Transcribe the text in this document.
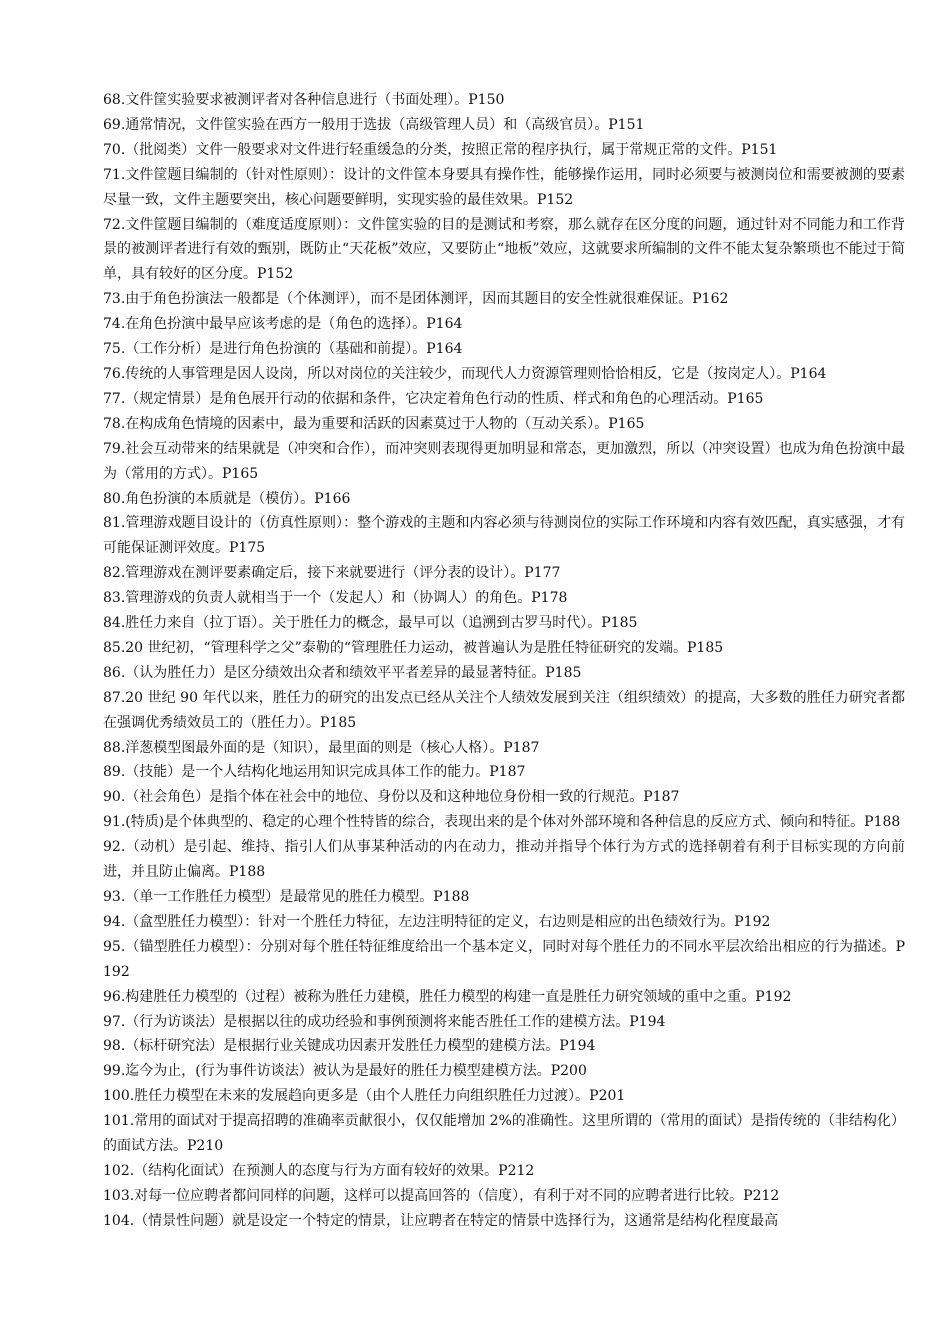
68.文件筐实验要求被测评者对各种信息进行（书面处理）。P150

69.通常情况，文件筐实验在西方一般用于选拔（高级管理人员）和（高级官员）。P151

70.（批阅类）文件一般要求对文件进行轻重缓急的分类，按照正常的程序执行，属于常规正常的文件。P151

71.文件筐题目编制的（针对性原则）：设计的文件筐本身要具有操作性，能够操作运用，同时必须要与被测岗位和需要被测的要素尽量一致，文件主题要突出，核心问题要鲜明，实现实验的最佳效果。P152

72.文件筐题目编制的（难度适度原则）：文件筐实验的目的是测试和考察，那么就存在区分度的问题，通过针对不同能力和工作背景的被测评者进行有效的甄别，既防止“天花板”效应，又要防止“地板”效应，这就要求所编制的文件不能太复杂繁琐也不能过于简单，具有较好的区分度。P152

73.由于角色扮演法一般都是（个体测评），而不是团体测评，因而其题目的安全性就很难保证。P162

74.在角色扮演中最早应该考虑的是（角色的选择）。P164

75.（工作分析）是进行角色扮演的（基础和前提）。P164

76.传统的人事管理是因人设岗，所以对岗位的关注较少，而现代人力资源管理则恰恰相反，它是（按岗定人）。P164

77.（规定情景）是角色展开行动的依据和条件，它决定着角色行动的性质、样式和角色的心理活动。P165

78.在构成角色情境的因素中，最为重要和活跃的因素莫过于人物的（互动关系）。P165

79.社会互动带来的结果就是（冲突和合作），而冲突则表现得更加明显和常态，更加激烈，所以（冲突设置）也成为角色扮演中最为（常用的方式）。P165

80.角色扮演的本质就是（模仿）。P166

81.管理游戏题目设计的（仿真性原则）：整个游戏的主题和内容必须与待测岗位的实际工作环境和内容有效匹配，真实感强，才有可能保证测评效度。P175

82.管理游戏在测评要素确定后，接下来就要进行（评分表的设计）。P177

83.管理游戏的负责人就相当于一个（发起人）和（协调人）的角色。P178

84.胜任力来自（拉丁语）。关于胜任力的概念，最早可以（追溯到古罗马时代）。P185

85.20 世纪初，“管理科学之父”泰勒的“管理胜任力运动，被普遍认为是胜任特征研究的发端。P185

86.（认为胜任力）是区分绩效出众者和绩效平平者差异的最显著特征。P185

87.20 世纪 90 年代以来，胜任力的研究的出发点已经从关注个人绩效发展到关注（组织绩效）的提高，大多数的胜任力研究者都在强调优秀绩效员工的（胜任力）。P185

88.洋葱模型图最外面的是（知识），最里面的则是（核心人格）。P187

89.（技能）是一个人结构化地运用知识完成具体工作的能力。P187

90.（社会角色）是指个体在社会中的地位、身份以及和这种地位身份相一致的行规范。P187

91.(特质)是个体典型的、稳定的心理个性特皆的综合，表现出来的是个体对外部环境和各种信息的反应方式、倾向和特征。P188

92.（动机）是引起、维持、指引人们从事某种活动的内在动力，推动并指导个体行为方式的选择朝着有利于目标实现的方向前进，并且防止偏离。P188

93.（单一工作胜任力模型）是最常见的胜任力模型。P188

94.（盒型胜任力模型）：针对一个胜任力特征，左边注明特征的定义，右边则是相应的出色绩效行为。P192

95.（锚型胜任力模型）：分别对每个胜任特征维度给出一个基本定义，同时对每个胜任力的不同水平层次给出相应的行为描述。P192

96.构建胜任力模型的（过程）被称为胜任力建模，胜任力模型的构建一直是胜任力研究领域的重中之重。P192

97.（行为访谈法）是根据以往的成功经验和事例预测将来能否胜任工作的建模方法。P194

98.（标杆研究法）是根据行业关键成功因素开发胜任力模型的建模方法。P194

99.迄今为止，(行为事件访谈法）被认为是最好的胜任力模型建模方法。P200

100.胜任力模型在未来的发展趋向更多是（由个人胜任力向组织胜任力过渡）。P201

101.常用的面试对于提高招聘的准确率贡献很小，仅仅能增加 2%的准确性。这里所谓的（常用的面试）是指传统的（非结构化）的面试方法。P210

102.（结构化面试）在预测人的态度与行为方面有较好的效果。P212

103.对每一位应聘者都问同样的问题，这样可以提高回答的（信度），有利于对不同的应聘者进行比较。P212

104.（情景性问题）就是设定一个特定的情景，让应聘者在特定的情景中选择行为，这通常是结构化程度最高
